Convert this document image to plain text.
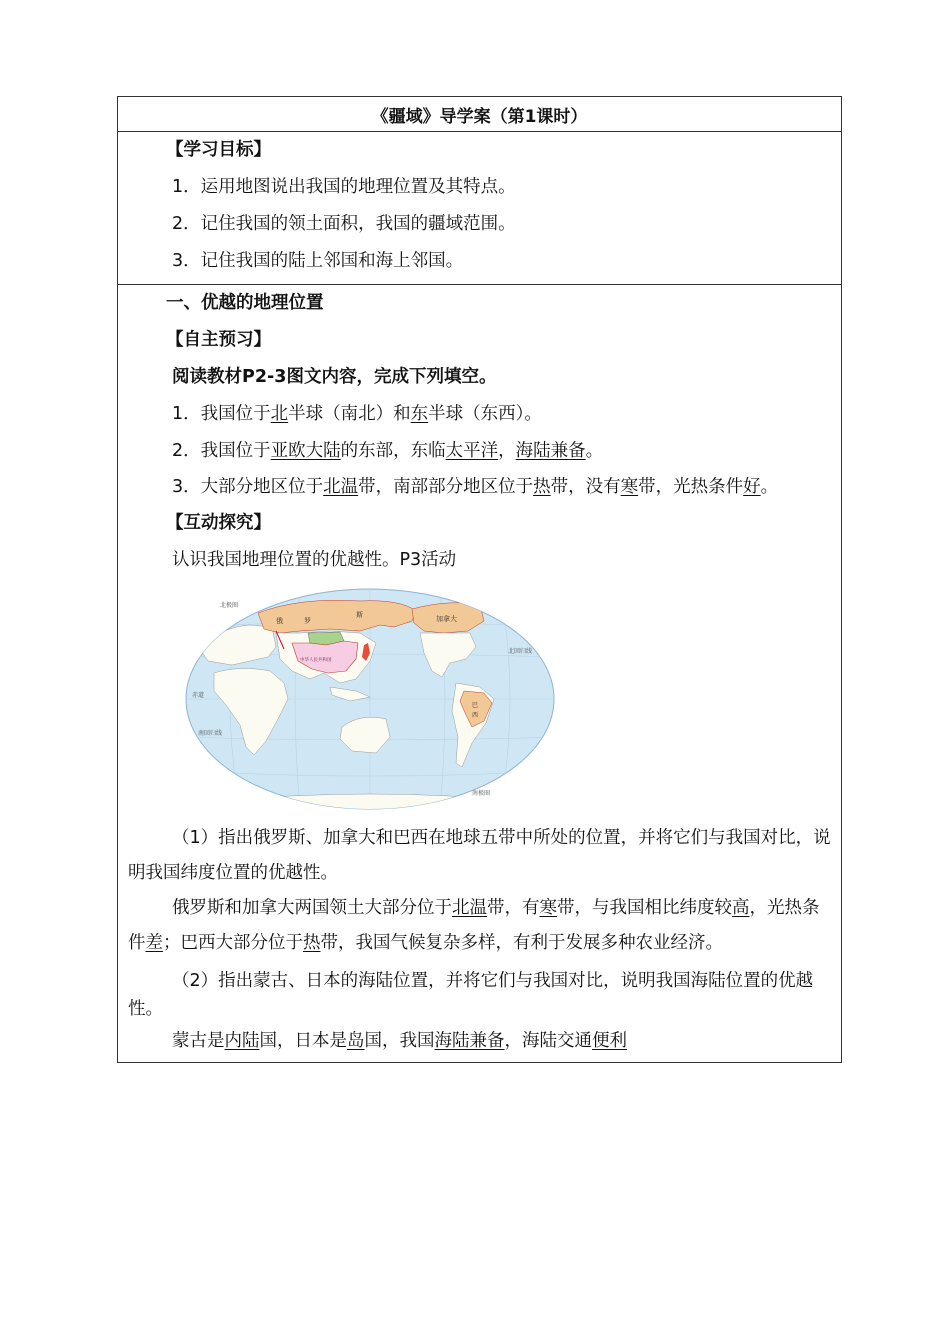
《疆域》导学案（第1课时）
【学习目标】
1．运用地图说出我国的地理位置及其特点。
2．记住我国的领土面积，我国的疆域范围。
3．记住我国的陆上邻国和海上邻国。
一、优越的地理位置
【自主预习】
阅读教材P2-3图文内容，完成下列填空。
1．我国位于北半球（南北）和东半球（东西）。
2．我国位于亚欧大陆的东部，东临太平洋，海陆兼备。
3．大部分地区位于北温带，南部部分地区位于热带，没有寒带，光热条件好。
【互动探究】
认识我国地理位置的优越性。P3活动
北极圈
北回归线
赤道
南回归线
南极圈
俄	罗
斯	加拿大
中华人民共和国
巴
西
（1）指出俄罗斯、加拿大和巴西在地球五带中所处的位置，并将它们与我国对比，说明我国纬度位置的优越性。
俄罗斯和加拿大两国领土大部分位于北温带，有寒带，与我国相比纬度较高，光热条件差；巴西大部分位于热带，我国气候复杂多样，有利于发展多种农业经济。
（2）指出蒙古、日本的海陆位置，并将它们与我国对比，说明我国海陆位置的优越性。
蒙古是内陆国，日本是岛国，我国海陆兼备，海陆交通便利
